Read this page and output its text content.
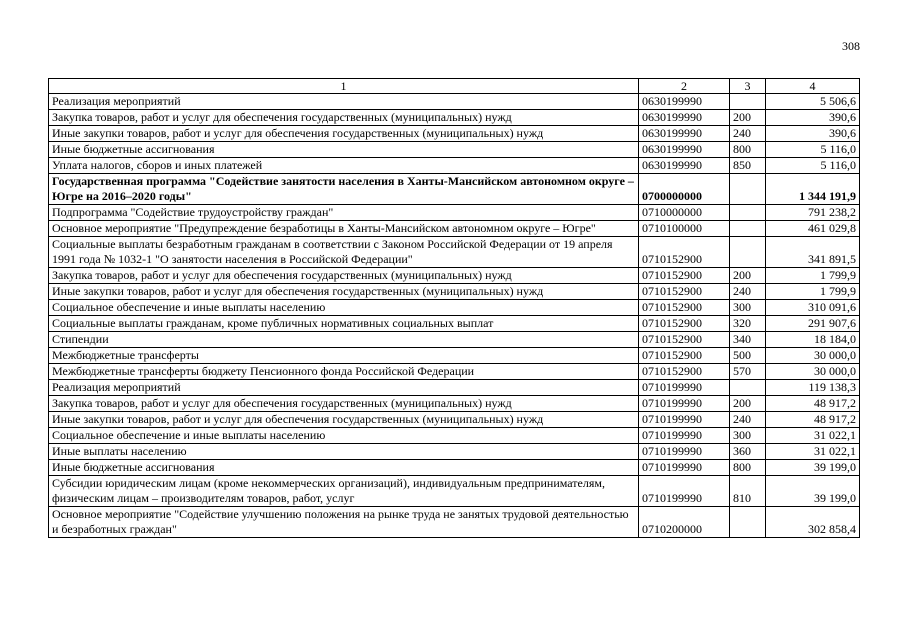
308
1	2	3	4
Реализация мероприятий	0630199990		5 506,6
Закупка товаров, работ и услуг для обеспечения государственных (муниципальных) нужд	0630199990	200	390,6
Иные закупки товаров, работ и услуг для обеспечения государственных (муниципальных) нужд	0630199990	240	390,6
Иные бюджетные ассигнования	0630199990	800	5 116,0
Уплата налогов, сборов и иных платежей	0630199990	850	5 116,0
Государственная программа "Содействие занятости населения в Ханты-Мансийском автономном округе – Югре на 2016–2020 годы"	0700000000		1 344 191,9
Подпрограмма "Содействие трудоустройству граждан"	0710000000		791 238,2
Основное мероприятие "Предупреждение безработицы в Ханты-Мансийском автономном округе – Югре"	0710100000		461 029,8
Социальные выплаты безработным гражданам в соответствии с Законом Российской Федерации от 19 апреля 1991 года № 1032-1 "О занятости населения в Российской Федерации"	0710152900		341 891,5
Закупка товаров, работ и услуг для обеспечения государственных (муниципальных) нужд	0710152900	200	1 799,9
Иные закупки товаров, работ и услуг для обеспечения государственных (муниципальных) нужд	0710152900	240	1 799,9
Социальное обеспечение и иные выплаты населению	0710152900	300	310 091,6
Социальные выплаты гражданам, кроме публичных нормативных социальных выплат	0710152900	320	291 907,6
Стипендии	0710152900	340	18 184,0
Межбюджетные трансферты	0710152900	500	30 000,0
Межбюджетные трансферты бюджету Пенсионного фонда Российской Федерации	0710152900	570	30 000,0
Реализация мероприятий	0710199990		119 138,3
Закупка товаров, работ и услуг для обеспечения государственных (муниципальных) нужд	0710199990	200	48 917,2
Иные закупки товаров, работ и услуг для обеспечения государственных (муниципальных) нужд	0710199990	240	48 917,2
Социальное обеспечение и иные выплаты населению	0710199990	300	31 022,1
Иные выплаты населению	0710199990	360	31 022,1
Иные бюджетные ассигнования	0710199990	800	39 199,0
Субсидии юридическим лицам (кроме некоммерческих организаций), индивидуальным предпринимателям, физическим лицам – производителям товаров, работ, услуг	0710199990	810	39 199,0
Основное мероприятие "Содействие улучшению положения на рынке труда не занятых трудовой деятельностью и безработных граждан"	0710200000		302 858,4
